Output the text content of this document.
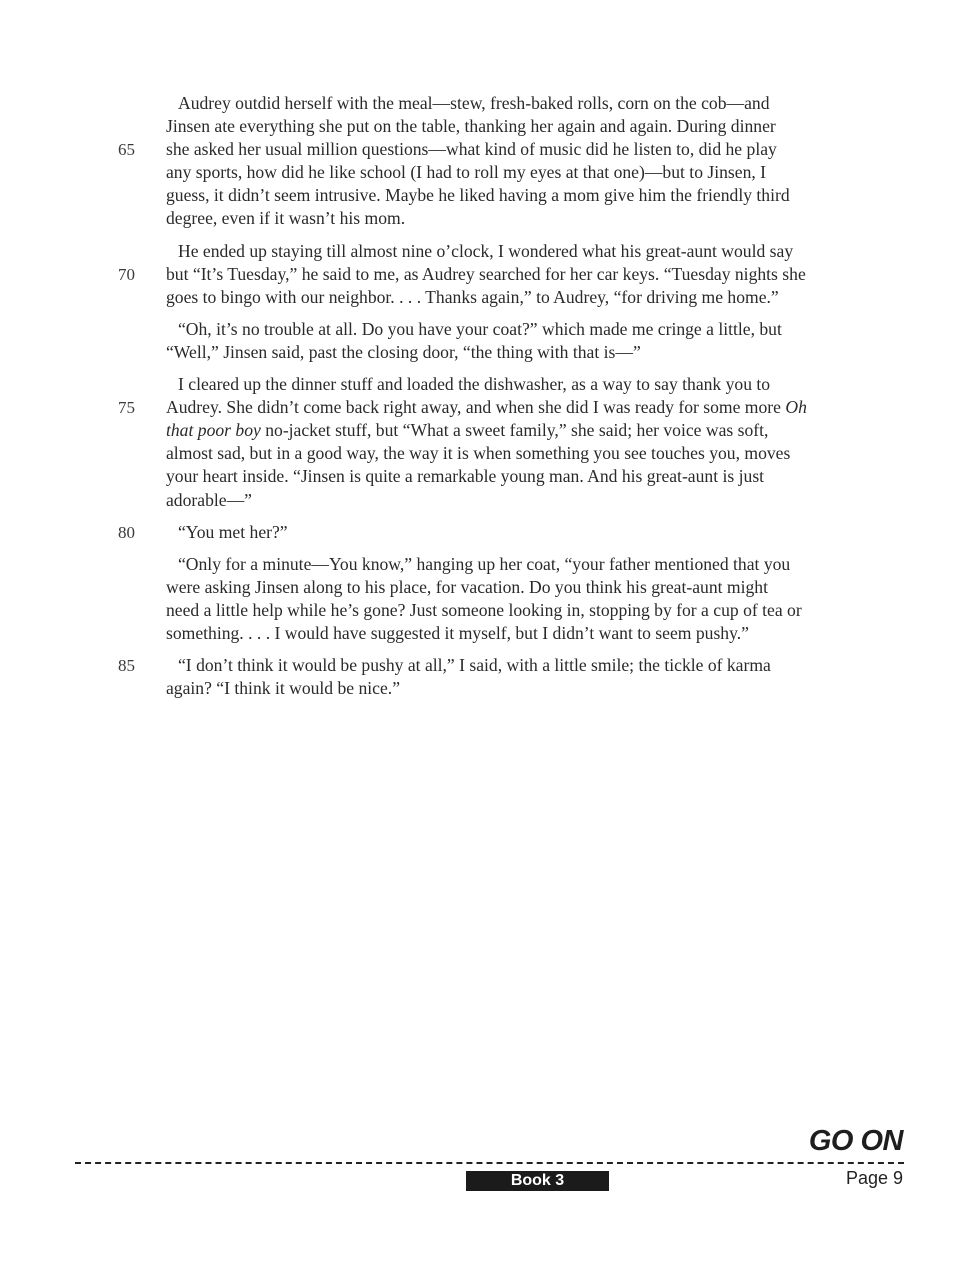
65
Audrey outdid herself with the meal—stew, fresh-baked rolls, corn on the cob—and
Jinsen ate everything she put on the table, thanking her again and again. During dinner
she asked her usual million questions—what kind of music did he listen to, did he play
any sports, how did he like school (I had to roll my eyes at that one)—but to Jinsen, I
guess, it didn’t seem intrusive. Maybe he liked having a mom give him the friendly third
degree, even if it wasn’t his mom.
70
He ended up staying till almost nine o’clock, I wondered what his great-aunt would say
but “It’s Tuesday,” he said to me, as Audrey searched for her car keys. “Tuesday nights she
goes to bingo with our neighbor. . . . Thanks again,” to Audrey, “for driving me home.”
“Oh, it’s no trouble at all. Do you have your coat?” which made me cringe a little, but
“Well,” Jinsen said, past the closing door, “the thing with that is—”
75
I cleared up the dinner stuff and loaded the dishwasher, as a way to say thank you to
Audrey. She didn’t come back right away, and when she did I was ready for some more Oh
that poor boy no-jacket stuff, but “What a sweet family,” she said; her voice was soft,
almost sad, but in a good way, the way it is when something you see touches you, moves
your heart inside. “Jinsen is quite a remarkable young man. And his great-aunt is just
adorable—”
80	“You met her?”
“Only for a minute—You know,” hanging up her coat, “your father mentioned that you
were asking Jinsen along to his place, for vacation. Do you think his great-aunt might
need a little help while he’s gone? Just someone looking in, stopping by for a cup of tea or
something. . . . I would have suggested it myself, but I didn’t want to seem pushy.”
85	“I don’t think it would be pushy at all,” I said, with a little smile; the tickle of karma
again? “I think it would be nice.”
GO ON
Book 3	Page 9
